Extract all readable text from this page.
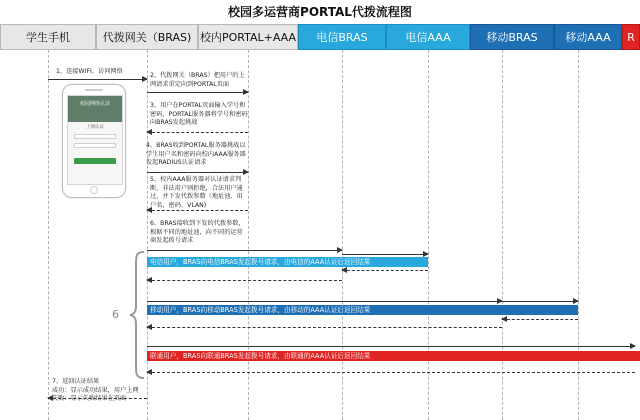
校园多运营商PORTAL代拨流程图
学生手机	代拨网关（BRAS) 校内PORTAL+AAA	电信BRAS	电信AAA	移动BRAS	移动AAA	R
校园网络认证
上网认证
1、连接WIFI，访问网络
2、代拨网关（BRAS）把用户的上网请求重定向到PORTAL页面
3、用户在PORTAL页面输入学号和密码，PORTAL服务器将学号和密码向BRAS发起挑战
4、BRAS收到PORTAL服务器挑战以学生用户名和密码向校内AAA服务器发起RADIUS认证请求
5、校内AAA服务器对认证请求判断，非法用户则拒绝，合法用户通过，并下发代拨参数（地址池、用户名、密码、VLAN)
6、BRAS接收到下发的代拨参数，根据不同的地址池，向不同的运营商发起拨号请求
7、返回认证结果
成功：显示成功结果，用户上网
失败：显示失败结果在页面
电信用户，BRAS向电信BRAS发起拨号请求，由电信的AAA认证后返回结果
移动用户，BRAS向移动BRAS发起拨号请求，由移动的AAA认证后返回结果
联通用户，BRAS向联通BRAS发起拨号请求，由联通的AAA认证后返回结果
6
